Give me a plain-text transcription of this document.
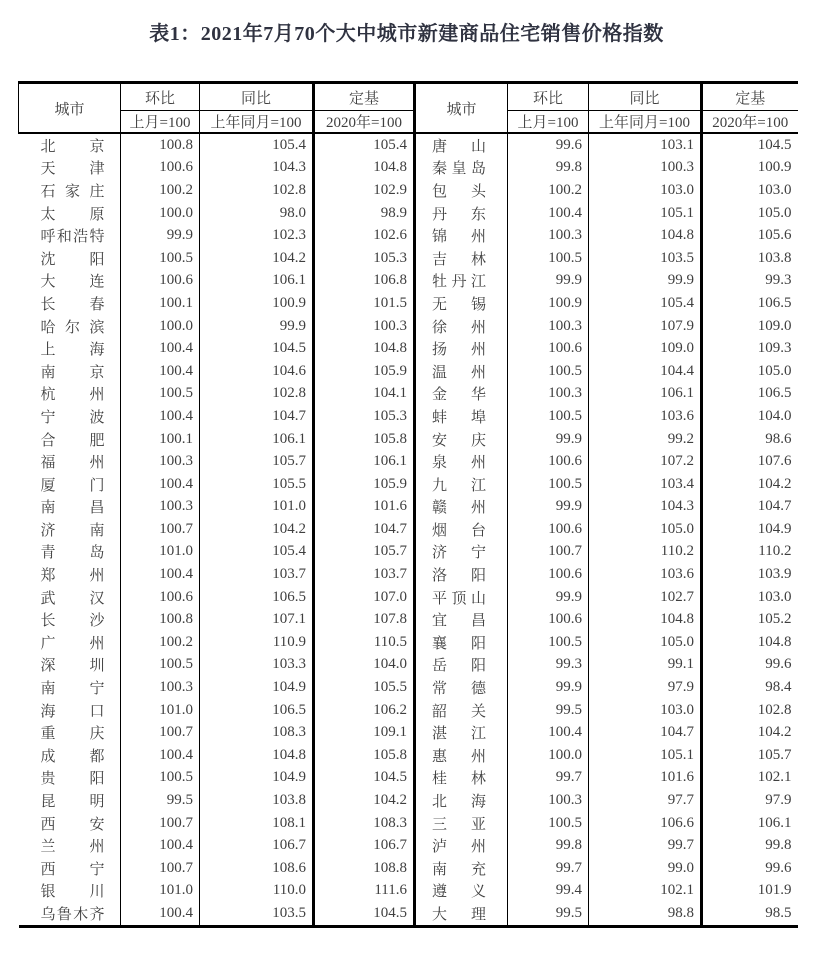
表1：2021年7月70个大中城市新建商品住宅销售价格指数
城市	环比	同比	定基	城市	环比	同比	定基
	上月=100	上年同月=100	2020年=100		上月=100	上年同月=100	2020年=100
北京	100.8	105.4	105.4	唐山	99.6	103.1	104.5
天津	100.6	104.3	104.8	秦皇岛	99.8	100.3	100.9
石家庄	100.2	102.8	102.9	包头	100.2	103.0	103.0
太原	100.0	98.0	98.9	丹东	100.4	105.1	105.0
呼和浩特	99.9	102.3	102.6	锦州	100.3	104.8	105.6
沈阳	100.5	104.2	105.3	吉林	100.5	103.5	103.8
大连	100.6	106.1	106.8	牡丹江	99.9	99.9	99.3
长春	100.1	100.9	101.5	无锡	100.9	105.4	106.5
哈尔滨	100.0	99.9	100.3	徐州	100.3	107.9	109.0
上海	100.4	104.5	104.8	扬州	100.6	109.0	109.3
南京	100.4	104.6	105.9	温州	100.5	104.4	105.0
杭州	100.5	102.8	104.1	金华	100.3	106.1	106.5
宁波	100.4	104.7	105.3	蚌埠	100.5	103.6	104.0
合肥	100.1	106.1	105.8	安庆	99.9	99.2	98.6
福州	100.3	105.7	106.1	泉州	100.6	107.2	107.6
厦门	100.4	105.5	105.9	九江	100.5	103.4	104.2
南昌	100.3	101.0	101.6	赣州	99.9	104.3	104.7
济南	100.7	104.2	104.7	烟台	100.6	105.0	104.9
青岛	101.0	105.4	105.7	济宁	100.7	110.2	110.2
郑州	100.4	103.7	103.7	洛阳	100.6	103.6	103.9
武汉	100.6	106.5	107.0	平顶山	99.9	102.7	103.0
长沙	100.8	107.1	107.8	宜昌	100.6	104.8	105.2
广州	100.2	110.9	110.5	襄阳	100.5	105.0	104.8
深圳	100.5	103.3	104.0	岳阳	99.3	99.1	99.6
南宁	100.3	104.9	105.5	常德	99.9	97.9	98.4
海口	101.0	106.5	106.2	韶关	99.5	103.0	102.8
重庆	100.7	108.3	109.1	湛江	100.4	104.7	104.2
成都	100.4	104.8	105.8	惠州	100.0	105.1	105.7
贵阳	100.5	104.9	104.5	桂林	99.7	101.6	102.1
昆明	99.5	103.8	104.2	北海	100.3	97.7	97.9
西安	100.7	108.1	108.3	三亚	100.5	106.6	106.1
兰州	100.4	106.7	106.7	泸州	99.8	99.7	99.8
西宁	100.7	108.6	108.8	南充	99.7	99.0	99.6
银川	101.0	110.0	111.6	遵义	99.4	102.1	101.9
乌鲁木齐	100.4	103.5	104.5	大理	99.5	98.8	98.5
